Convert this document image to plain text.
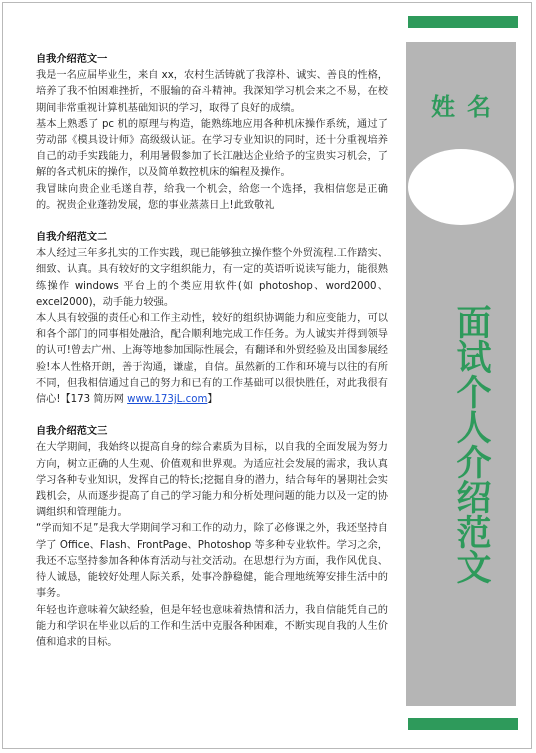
姓名
面试个人介绍范文
自我介绍范文一

我是一名应届毕业生，来自 xx，农村生活铸就了我淳朴、诚实、善良的性格，培养了我不怕困难挫折，不服输的奋斗精神。我深知学习机会来之不易，在校期间非常重视计算机基础知识的学习，取得了良好的成绩。

基本上熟悉了 pc 机的原理与构造，能熟练地应用各种机床操作系统，通过了劳动部《模具设计师》高级级认证。在学习专业知识的同时，还十分重视培养自己的动手实践能力，利用暑假参加了长江融达企业给予的宝贵实习机会，了解的各式机床的操作，以及简单数控机床的编程及操作。

我冒昧向贵企业毛遂自荐，给我一个机会，给您一个选择，我相信您是正确的。祝贵企业蓬勃发展，您的事业蒸蒸日上!此致敬礼

自我介绍范文二

本人经过三年多扎实的工作实践，现已能够独立操作整个外贸流程.工作踏实、细致、认真。具有较好的文字组织能力，有一定的英语听说读写能力，能很熟练操作 windows 平台上的个类应用软件(如 photoshop、word2000、excel2000)，动手能力较强。

本人具有较强的责任心和工作主动性，较好的组织协调能力和应变能力，可以和各个部门的同事相处融洽，配合顺利地完成工作任务。为人诚实并得到领导的认可!曾去广州、上海等地参加国际性展会，有翻译和外贸经验及出国参展经验!本人性格开朗，善于沟通，谦虚，自信。虽然新的工作和环境与以往的有所不同，但我相信通过自己的努力和已有的工作基础可以很快胜任，对此我很有信心!【173 简历网 www.173jL.com】

自我介绍范文三

在大学期间，我始终以提高自身的综合素质为目标，以自我的全面发展为努力方向，树立正确的人生观、价值观和世界观。为适应社会发展的需求，我认真学习各种专业知识，发挥自己的特长;挖掘自身的潜力，结合每年的暑期社会实践机会，从而逐步提高了自己的学习能力和分析处理问题的能力以及一定的协调组织和管理能力。

“学而知不足”是我大学期间学习和工作的动力，除了必修课之外，我还坚持自学了 Office、Flash、FrontPage、Photoshop 等多种专业软件。学习之余，我还不忘坚持参加各种体育活动与社交活动。在思想行为方面，我作风优良、待人诚恳，能较好处理人际关系，处事冷静稳健，能合理地统筹安排生活中的事务。

年轻也许意味着欠缺经验，但是年轻也意味着热情和活力，我自信能凭自己的能力和学识在毕业以后的工作和生活中克服各种困难，不断实现自我的人生价值和追求的目标。
